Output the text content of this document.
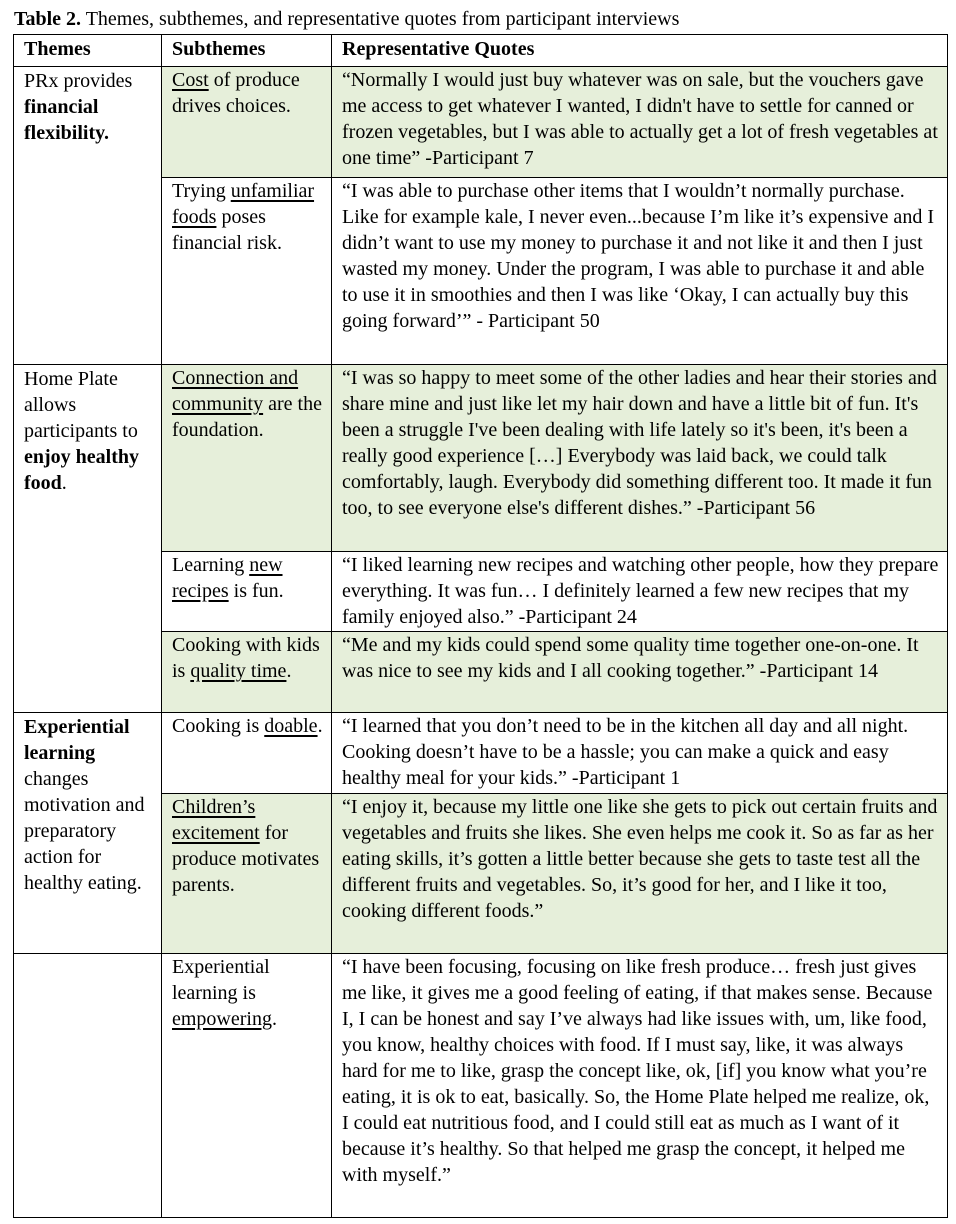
Table 2. Themes, subthemes, and representative quotes from participant interviews
Themes	Subthemes	Representative Quotes
PRx provides financial flexibility.	Cost of produce drives choices.	“Normally I would just buy whatever was on sale, but the vouchers gave me access to get whatever I wanted, I didn't have to settle for canned or frozen vegetables, but I was able to actually get a lot of fresh vegetables at one time” -Participant 7
	Trying unfamiliar foods poses financial risk.	“I was able to purchase other items that I wouldn’t normally purchase. Like for example kale, I never even...because I’m like it’s expensive and I didn’t want to use my money to purchase it and not like it and then I just wasted my money. Under the program, I was able to purchase it and able to use it in smoothies and then I was like ‘Okay, I can actually buy this going forward’” - Participant 50
Home Plate allows participants to enjoy healthy food.	Connection and community are the foundation.	“I was so happy to meet some of the other ladies and hear their stories and share mine and just like let my hair down and have a little bit of fun. It's been a struggle I've been dealing with life lately so it's been, it's been a really good experience […] Everybody was laid back, we could talk comfortably, laugh. Everybody did something different too. It made it fun too, to see everyone else's different dishes.” -Participant 56
	Learning new recipes is fun.	“I liked learning new recipes and watching other people, how they prepare everything. It was fun… I definitely learned a few new recipes that my family enjoyed also.” -Participant 24
	Cooking with kids is quality time.	“Me and my kids could spend some quality time together one-on-one. It was nice to see my kids and I all cooking together.” -Participant 14
Experiential learning changes motivation and preparatory action for healthy eating.	Cooking is doable.	“I learned that you don’t need to be in the kitchen all day and all night. Cooking doesn’t have to be a hassle; you can make a quick and easy healthy meal for your kids.” -Participant 1
	Children’s excitement for produce motivates parents.	“I enjoy it, because my little one like she gets to pick out certain fruits and vegetables and fruits she likes. She even helps me cook it. So as far as her eating skills, it’s gotten a little better because she gets to taste test all the different fruits and vegetables. So, it’s good for her, and I like it too, cooking different foods.”
	Experiential learning is empowering.	“I have been focusing, focusing on like fresh produce… fresh just gives me like, it gives me a good feeling of eating, if that makes sense. Because I, I can be honest and say I’ve always had like issues with, um, like food, you know, healthy choices with food. If I must say, like, it was always hard for me to like, grasp the concept like, ok, [if] you know what you’re eating, it is ok to eat, basically. So, the Home Plate helped me realize, ok, I could eat nutritious food, and I could still eat as much as I want of it because it’s healthy. So that helped me grasp the concept, it helped me with myself.”
